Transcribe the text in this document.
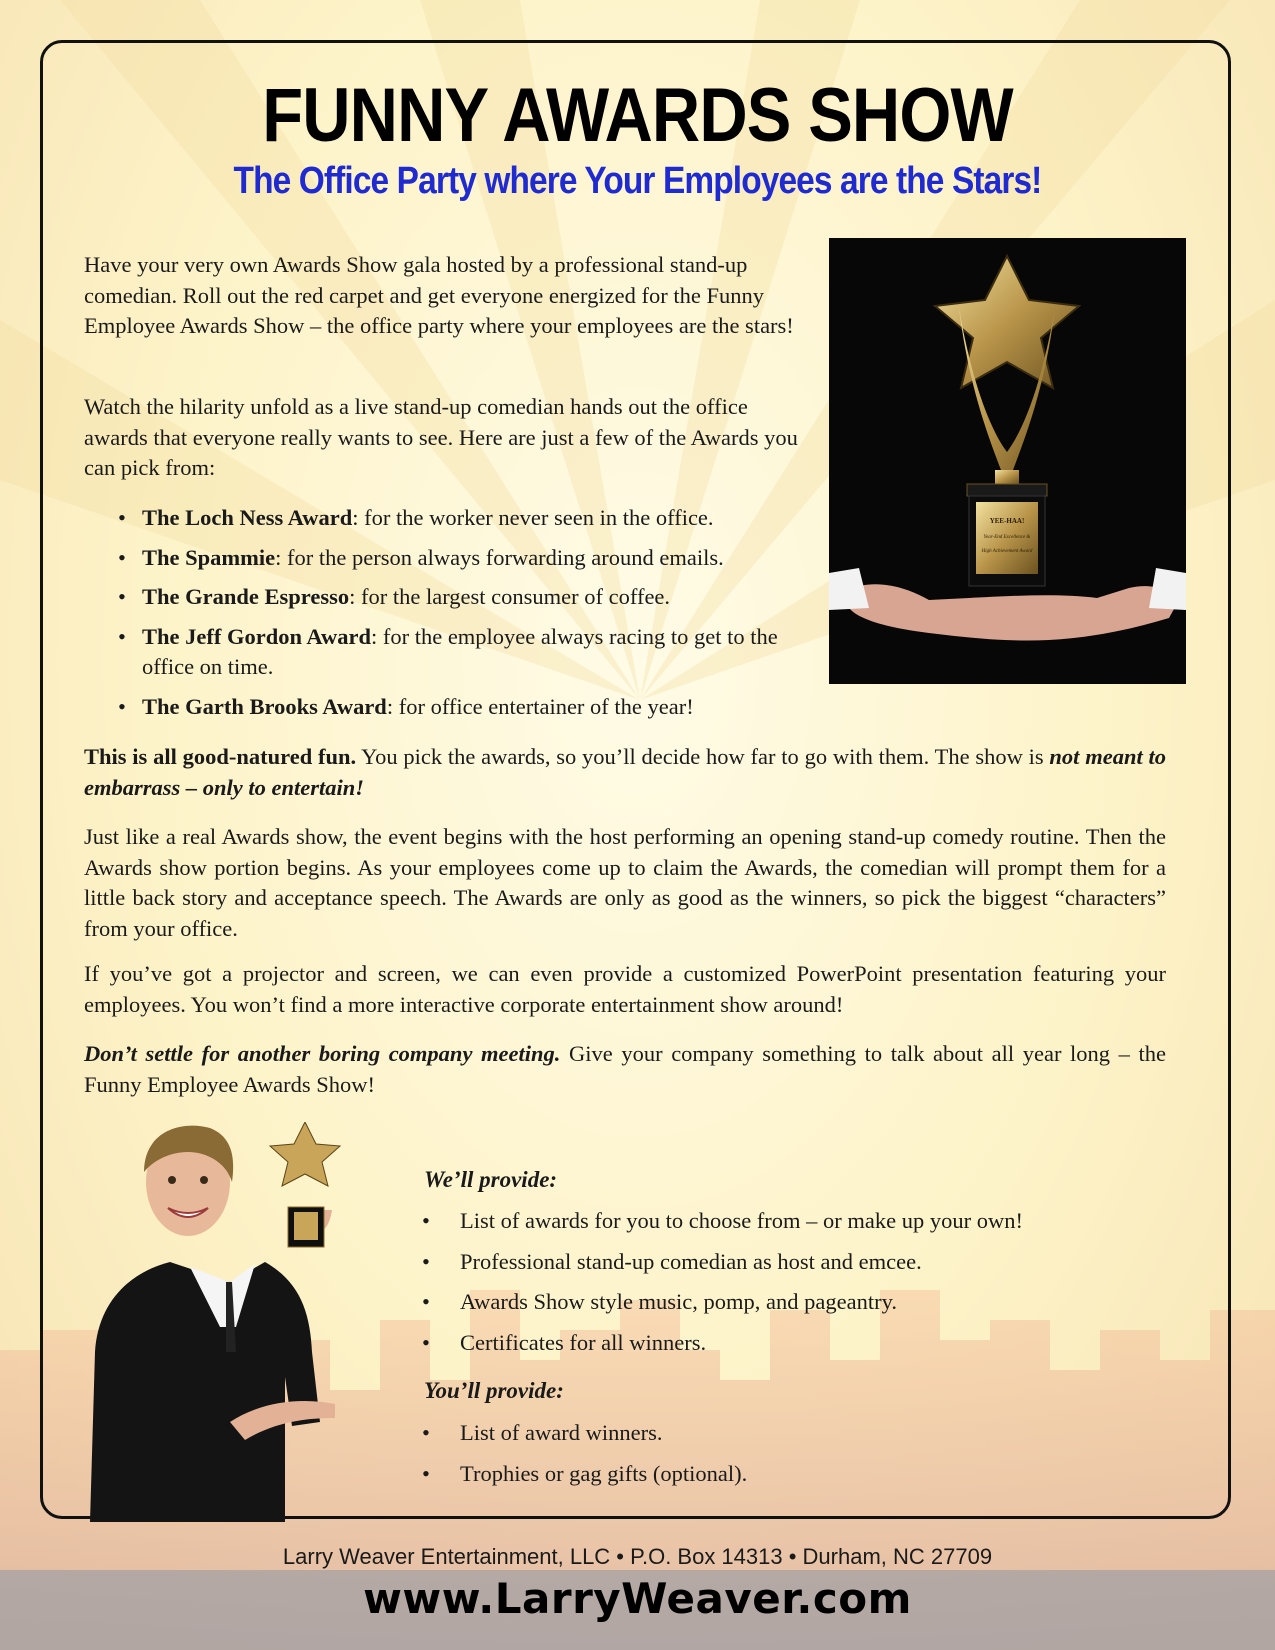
FUNNY AWARDS SHOW
The Office Party where Your Employees are the Stars!

Have your very own Awards Show gala hosted by a professional stand-up comedian. Roll out the red carpet and get everyone energized for the Funny Employee Awards Show – the office party where your employees are the stars!

Watch the hilarity unfold as a live stand-up comedian hands out the office awards that everyone really wants to see. Here are just a few of the Awards you can pick from:

• The Loch Ness Award: for the worker never seen in the office.
• The Spammie: for the person always forwarding around emails.
• The Grande Espresso: for the largest consumer of coffee.
• The Jeff Gordon Award: for the employee always racing to get to the office on time.
• The Garth Brooks Award: for office entertainer of the year!
YEE-HAA!
Year-End Excellence &
High Achievement Award

This is all good-natured fun. You pick the awards, so you’ll decide how far to go with them. The show is not meant to embarrass – only to entertain!

Just like a real Awards show, the event begins with the host performing an opening stand-up comedy routine. Then the Awards show portion begins. As your employees come up to claim the Awards, the comedian will prompt them for a little back story and acceptance speech. The Awards are only as good as the winners, so pick the biggest “characters” from your office.

If you’ve got a projector and screen, we can even provide a customized PowerPoint presentation featuring your employees. You won’t find a more interactive corporate entertainment show around!

Don’t settle for another boring company meeting. Give your company something to talk about all year long – the Funny Employee Awards Show!

We’ll provide:

• List of awards for you to choose from – or make up your own!
• Professional stand-up comedian as host and emcee.
• Awards Show style music, pomp, and pageantry.
• Certificates for all winners.

You’ll provide:

• List of award winners.
• Trophies or gag gifts (optional).
Larry Weaver Entertainment, LLC • P.O. Box 14313 • Durham, NC 27709
www.LarryWeaver.com
